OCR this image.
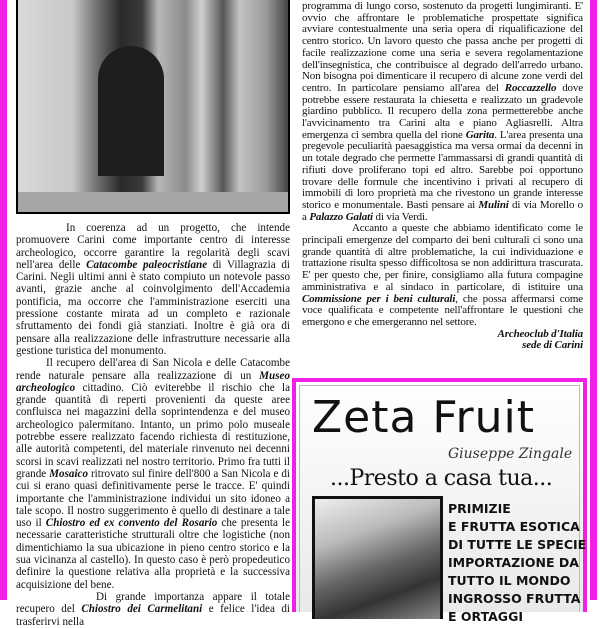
In coerenza ad un progetto, che intende promuovere Carini come importante centro di interesse archeologico, occorre garantire la regolarità degli scavi nell'area delle Catacombe paleocristiane di Villagrazia di Carini. Negli ultimi anni è stato compiuto un notevole passo avanti, grazie anche al coinvolgimento dell'Accademia pontificia, ma occorre che l'amministrazione eserciti una pressione costante mirata ad un completo e razionale sfruttamento dei fondi già stanziati. Inoltre è già ora di pensare alla realizzazione delle infrastrutture necessarie alla gestione turistica del monumento.

Il recupero dell'area di San Nicola e delle Catacombe rende naturale pensare alla realizzazione di un Museo archeologico cittadino. Ciò eviterebbe il rischio che la grande quantità di reperti provenienti da queste aree confluisca nei magazzini della soprintendenza e del museo archeologico palermitano. Intanto, un primo polo museale potrebbe essere realizzato facendo richiesta di restituzione, alle autorità competenti, del materiale rinvenuto nei decenni scorsi in scavi realizzati nel nostro territorio. Primo fra tutti il grande Mosaico ritrovato sul finire dell'800 a San Nicola e di cui si erano quasi definitivamente perse le tracce. E' quindi importante che l'amministrazione individui un sito idoneo a tale scopo. Il nostro suggerimento è quello di destinare a tale uso il Chiostro ed ex convento del Rosario che presenta le necessarie caratteristiche strutturali oltre che logistiche (non dimentichiamo la sua ubicazione in pieno centro storico e la sua vicinanza al castello). In questo caso è però propedeutico definire la questione relativa alla proprietà e la successiva acquisizione del bene.

Di grande importanza appare il totale recupero del Chiostro dei Carmelitani e felice l'idea di trasferirvi nella

programma di lungo corso, sostenuto da progetti lungimiranti. E' ovvio che affrontare le problematiche prospettate significa avviare contestualmente una seria opera di riqualificazione del centro storico. Un lavoro questo che passa anche per progetti di facile realizzazione come una seria e severa regolamentazione dell'insegnistica, che contribuisce al degrado dell'arredo urbano. Non bisogna poi dimenticare il recupero di alcune zone verdi del centro. In particolare pensiamo all'area del Roccazzello dove potrebbe essere restaurata la chiesetta e realizzato un gradevole giardino pubblico. Il recupero della zona permetterebbe anche l'avvicinamento tra Carini alta e piano Agliasrelli. Altra emergenza ci sembra quella del rione Garita. L'area presenta una pregevole peculiarità paesaggistica ma versa ormai da decenni in un totale degrado che permette l'ammassarsi di grandi quantità di rifiuti dove proliferano topi ed altro. Sarebbe poi opportuno trovare delle formule che incentivino i privati al recupero di immobili di loro proprietà ma che rivestono un grande interesse storico e monumentale. Basti pensare ai Mulini di via Morello o a Palazzo Galati di via Verdi.

Accanto a queste che abbiamo identificato come le principali emergenze del comparto dei beni culturali ci sono una grande quantità di altre problematiche, la cui individuazione e trattazione risulta spesso difficoltosa se non addirittura trascurata. E' per questo che, per finire, consigliamo alla futura compagine amministrativa e al sindaco in particolare, di istituire una Commissione per i beni culturali, che possa affermarsi come voce qualificata e competente nell'affrontare le questioni che emergono e che emergeranno nel settore.

Archeoclub d'Italia
sede di Carini
Zeta Fruit
Giuseppe Zingale
...Presto a casa tua...
PRIMIZIE
E FRUTTA ESOTICA
DI TUTTE LE SPECIE
IMPORTAZIONE DA
TUTTO IL MONDO
INGROSSO FRUTTA
E ORTAGGI
